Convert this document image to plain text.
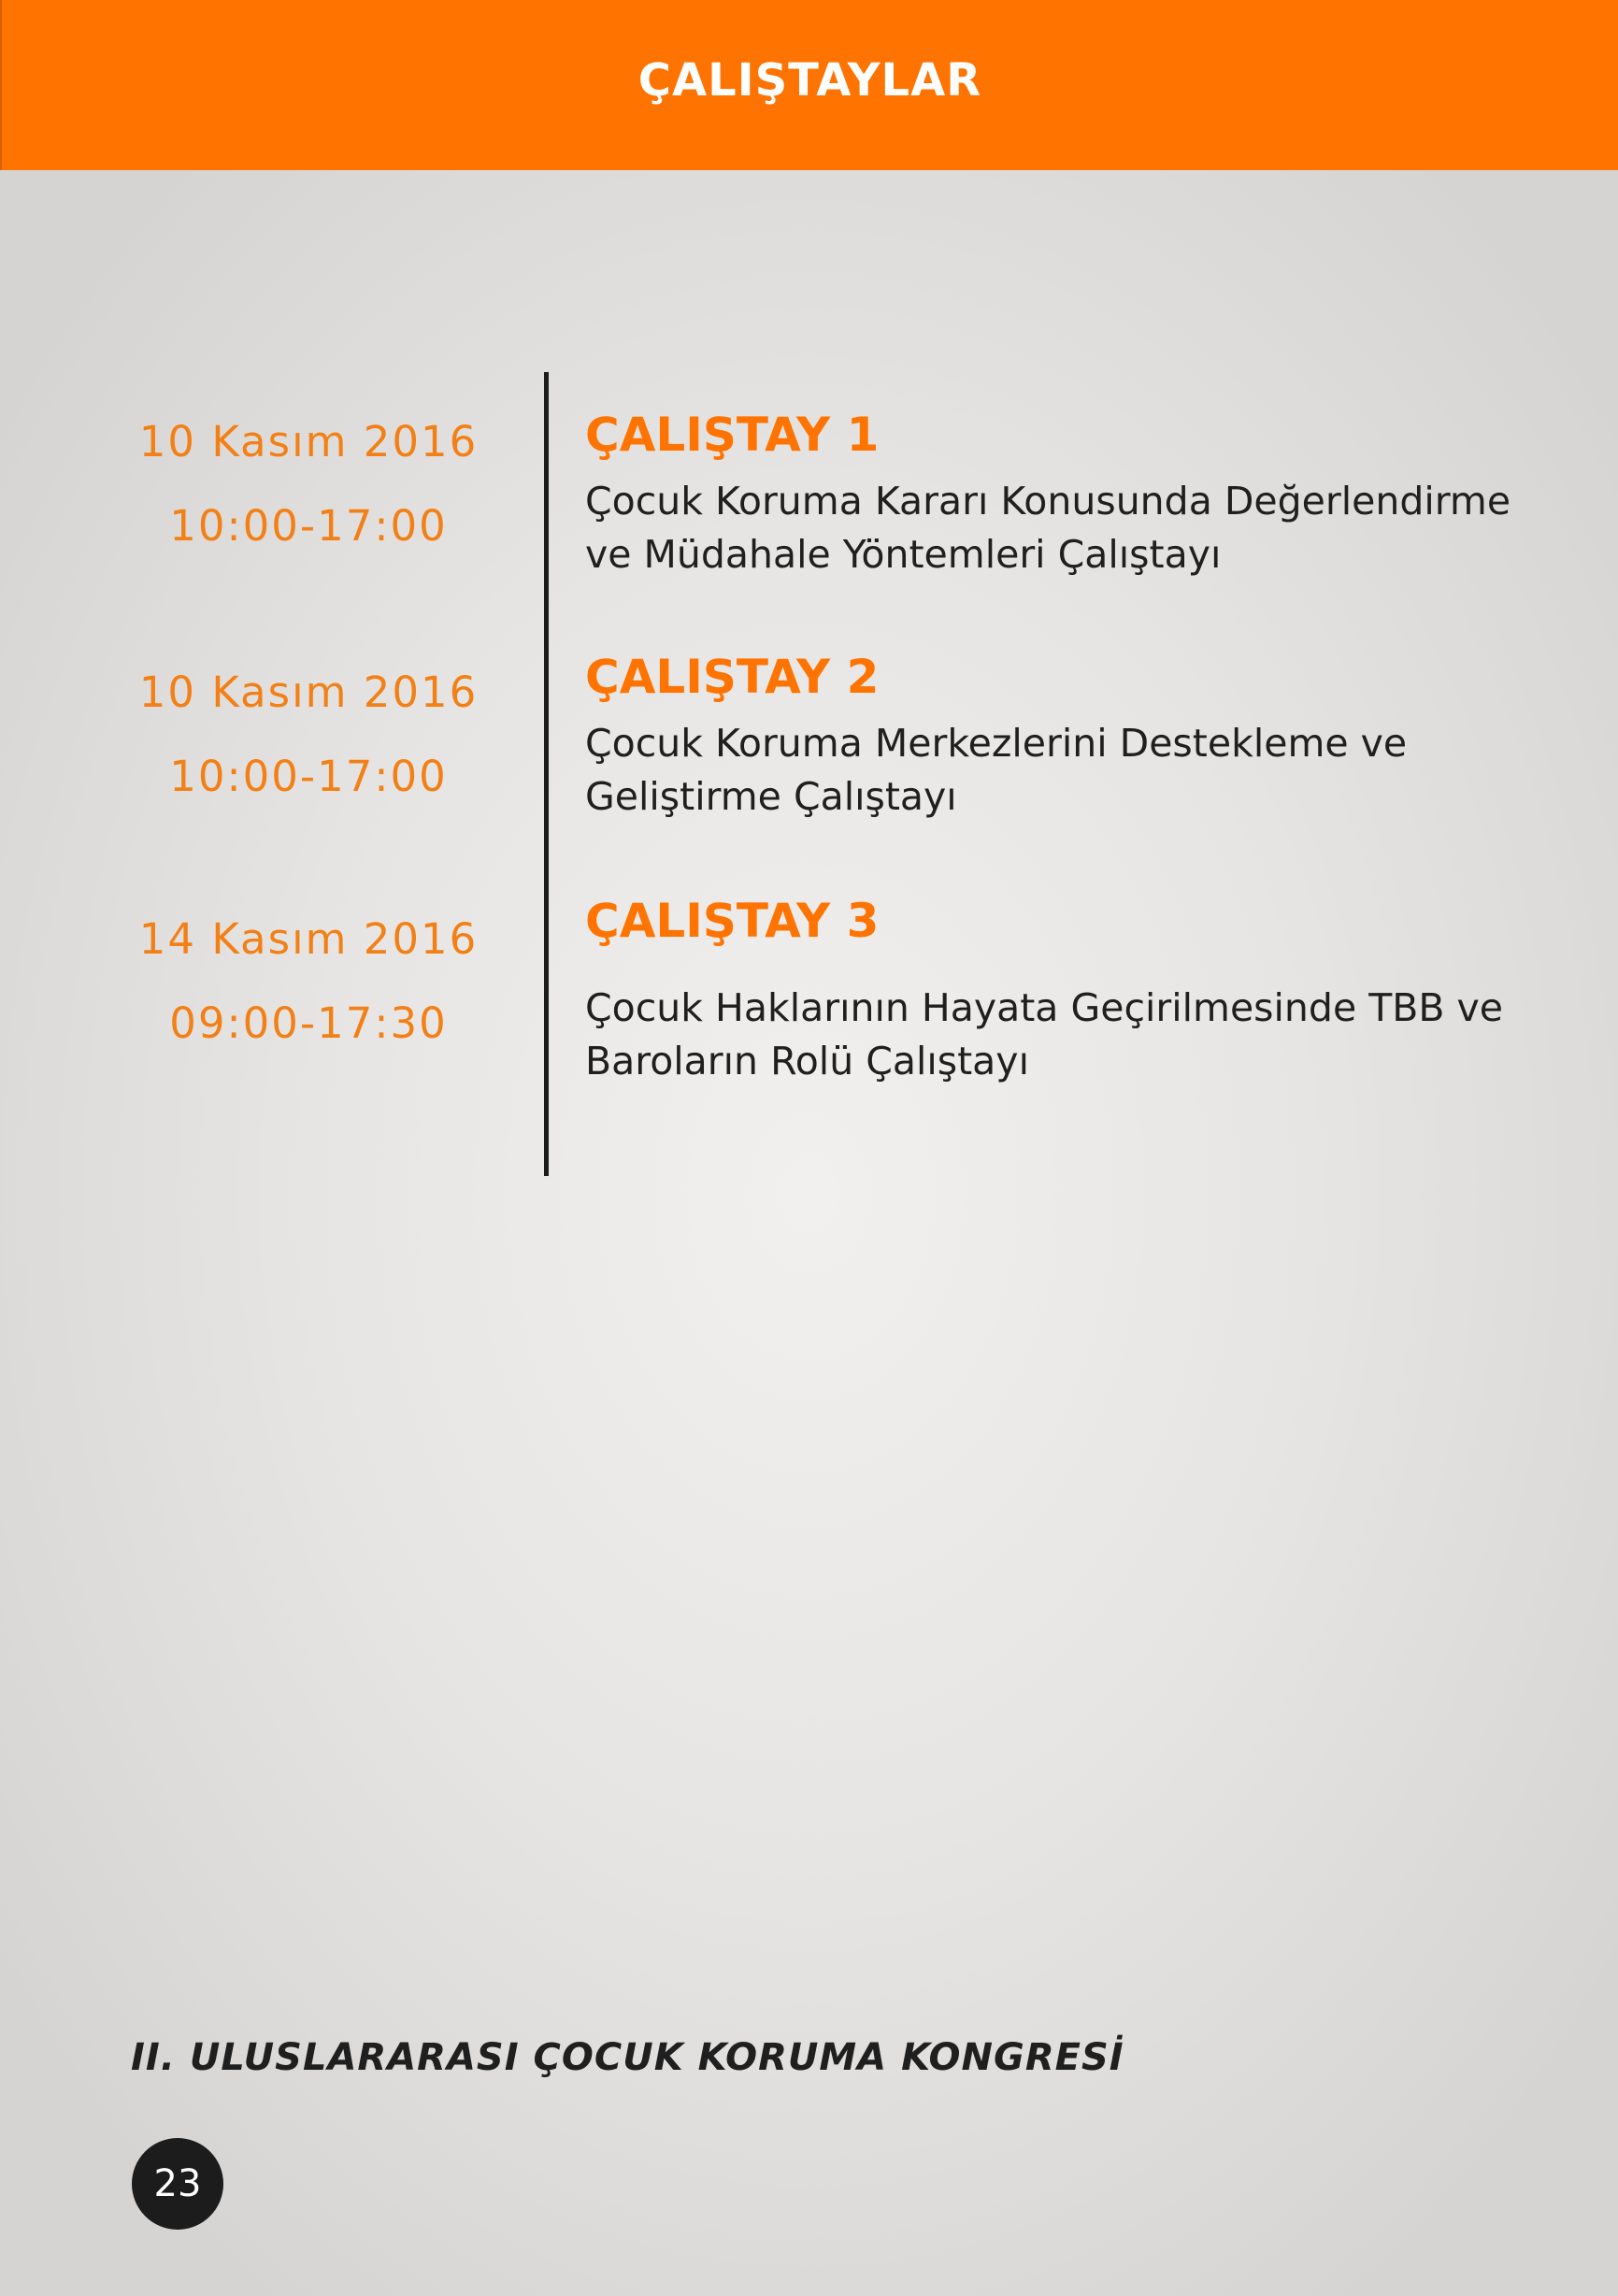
ÇALIŞTAYLAR
10 Kasım 2016
10:00-17:00
ÇALIŞTAY 1
Çocuk Koruma Kararı Konusunda Değerlendirme
ve Müdahale Yöntemleri Çalıştayı
10 Kasım 2016
10:00-17:00
ÇALIŞTAY 2
Çocuk Koruma Merkezlerini Destekleme ve
Geliştirme Çalıştayı
14 Kasım 2016
09:00-17:30
ÇALIŞTAY 3
Çocuk Haklarının Hayata Geçirilmesinde TBB ve
Baroların Rolü Çalıştayı
II. ULUSLARARASI ÇOCUK KORUMA KONGRESİ
23
